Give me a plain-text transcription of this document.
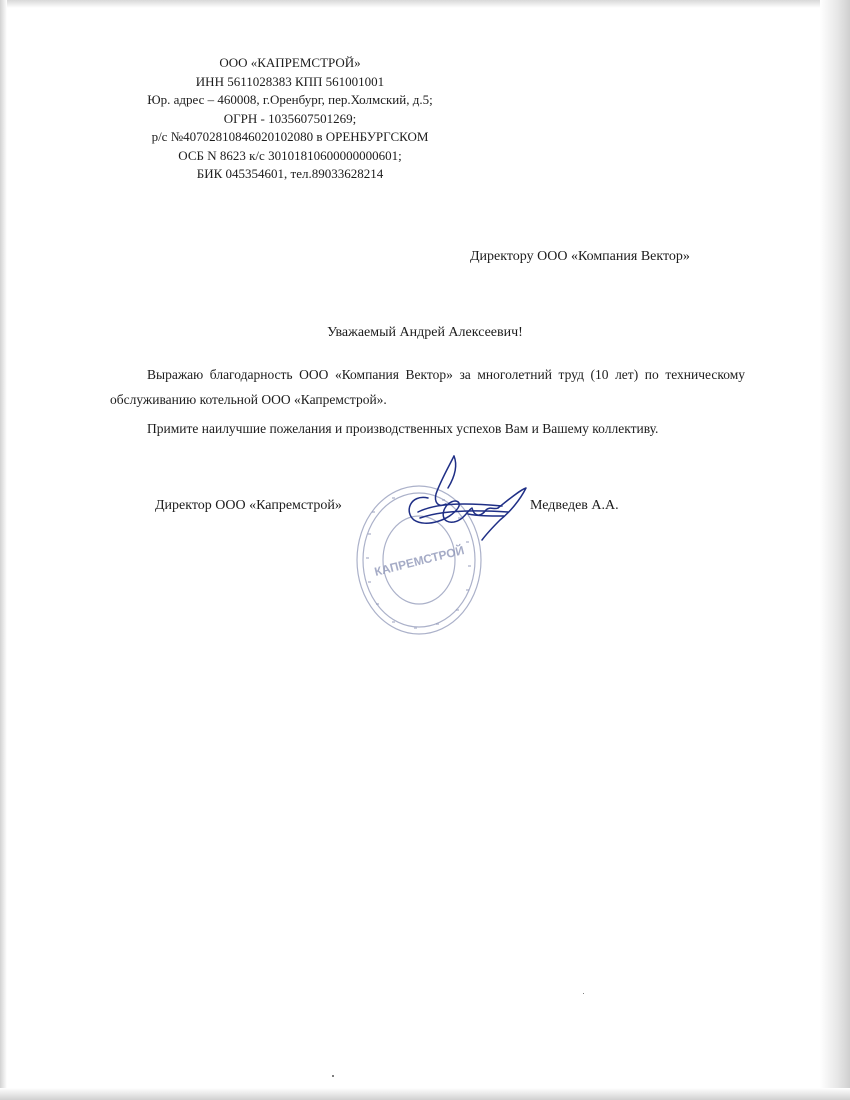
ООО «КАПРЕМСТРОЙ»
ИНН 5611028383 КПП 561001001
Юр. адрес – 460008, г.Оренбург, пер.Холмский, д.5;
ОГРН - 1035607501269;
р/с №40702810846020102080 в ОРЕНБУРГСКОМ
ОСБ N 8623 к/с 30101810600000000601;
БИК 045354601, тел.89033628214
Директору ООО «Компания Вектор»
Уважаемый Андрей Алексеевич!

Выражаю благодарность ООО «Компания Вектор» за многолетний труд (10 лет) по техническому обслуживанию котельной ООО «Капремстрой».

Примите наилучшие пожелания и производственных успехов Вам и Вашему коллективу.

КАПРЕМСТРОЙ
Директор ООО «Капремстрой»	Медведев А.А.
